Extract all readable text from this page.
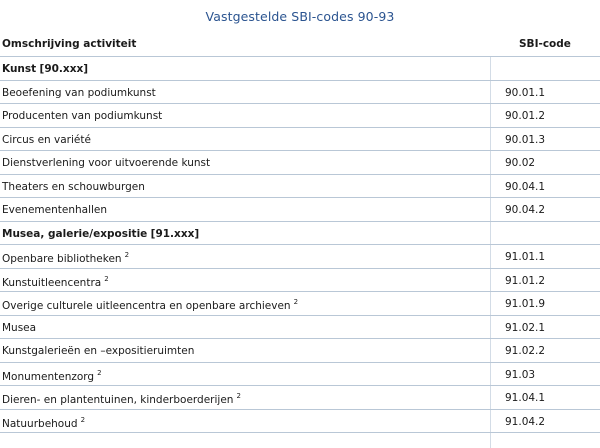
Vastgestelde SBI-codes 90-93
Omschrijving activiteit	SBI-code
Kunst [90.xxx]
Beoefening van podiumkunst	90.01.1
Producenten van podiumkunst	90.01.2
Circus en variété	90.01.3
Dienstverlening voor uitvoerende kunst	90.02
Theaters en schouwburgen	90.04.1
Evenementenhallen	90.04.2
Musea, galerie/expositie [91.xxx]
Openbare bibliotheken $^2$	91.01.1
Kunstuitleencentra $^2$	91.01.2
Overige culturele uitleencentra en openbare archieven $^2$	91.01.9
Musea	91.02.1
Kunstgalerieën en –expositieruimten	91.02.2
Monumentenzorg $^2$	91.03
Dieren- en plantentuinen, kinderboerderijen $^2$	91.04.1
Natuurbehoud $^2$	91.04.2
